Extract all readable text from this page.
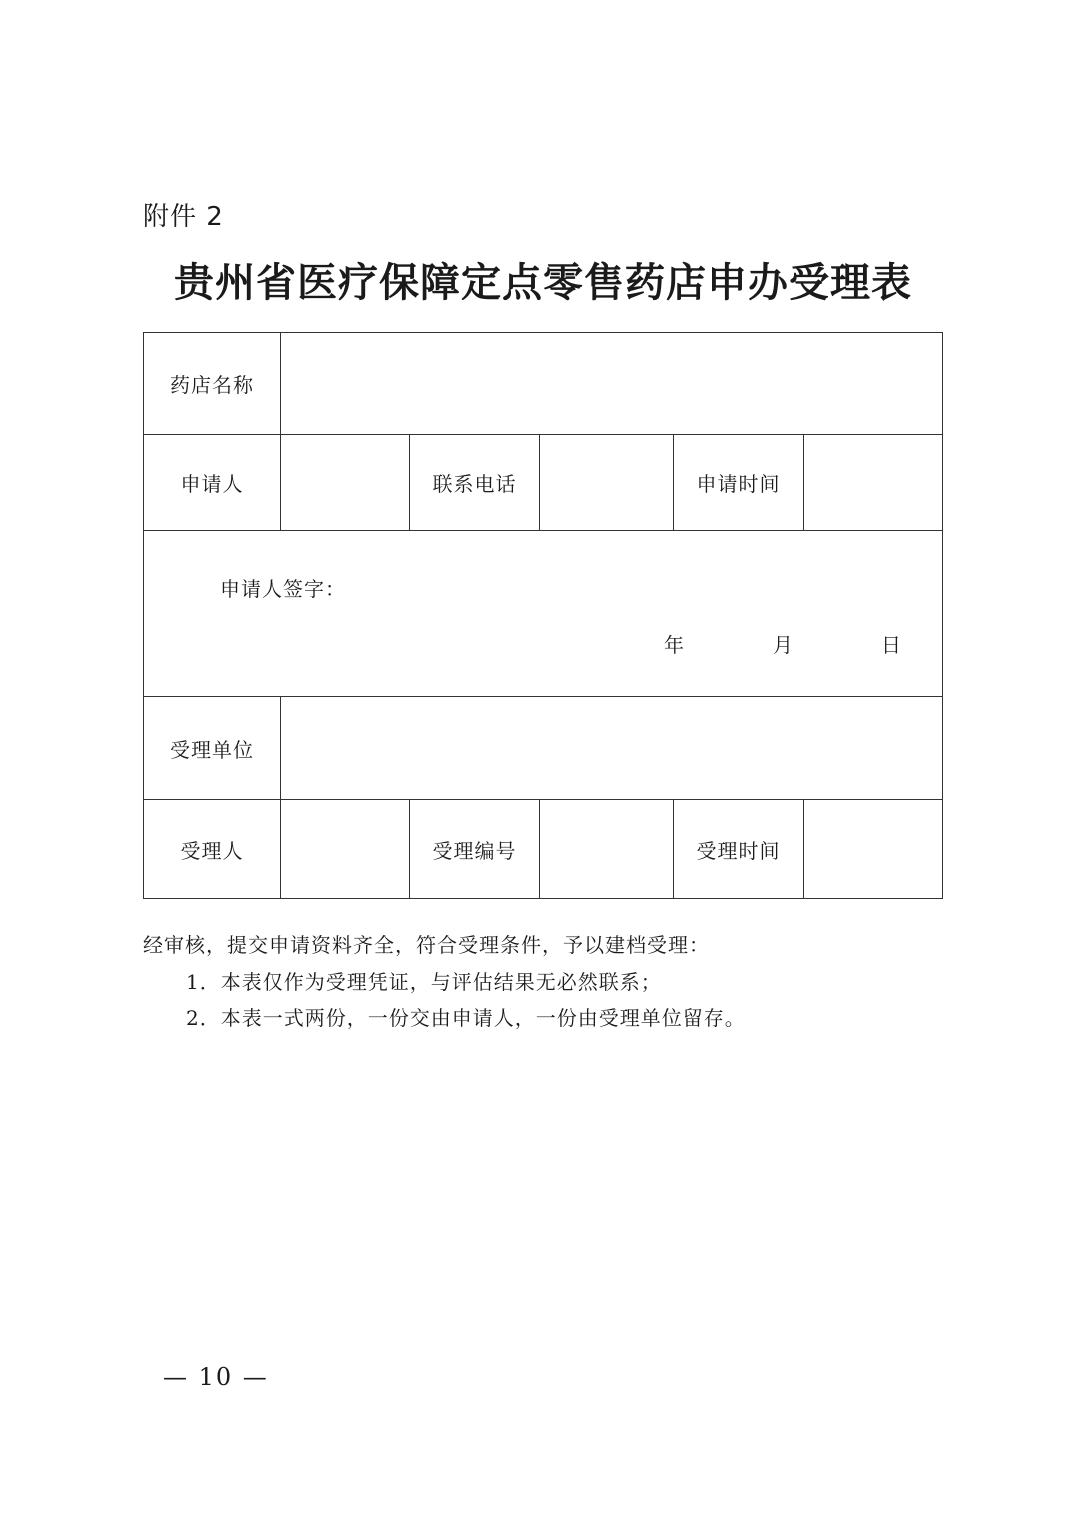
附件 2
贵州省医疗保障定点零售药店申办受理表
药店名称					
申请人		联系电话		申请时间	

申请人签字：
年 月 日					

受理单位					
受理人		受理编号		受理时间	
经审核，提交申请资料齐全，符合受理条件，予以建档受理：
1．本表仅作为受理凭证，与评估结果无必然联系；
2．本表一式两份，一份交由申请人，一份由受理单位留存。
— 10 —
